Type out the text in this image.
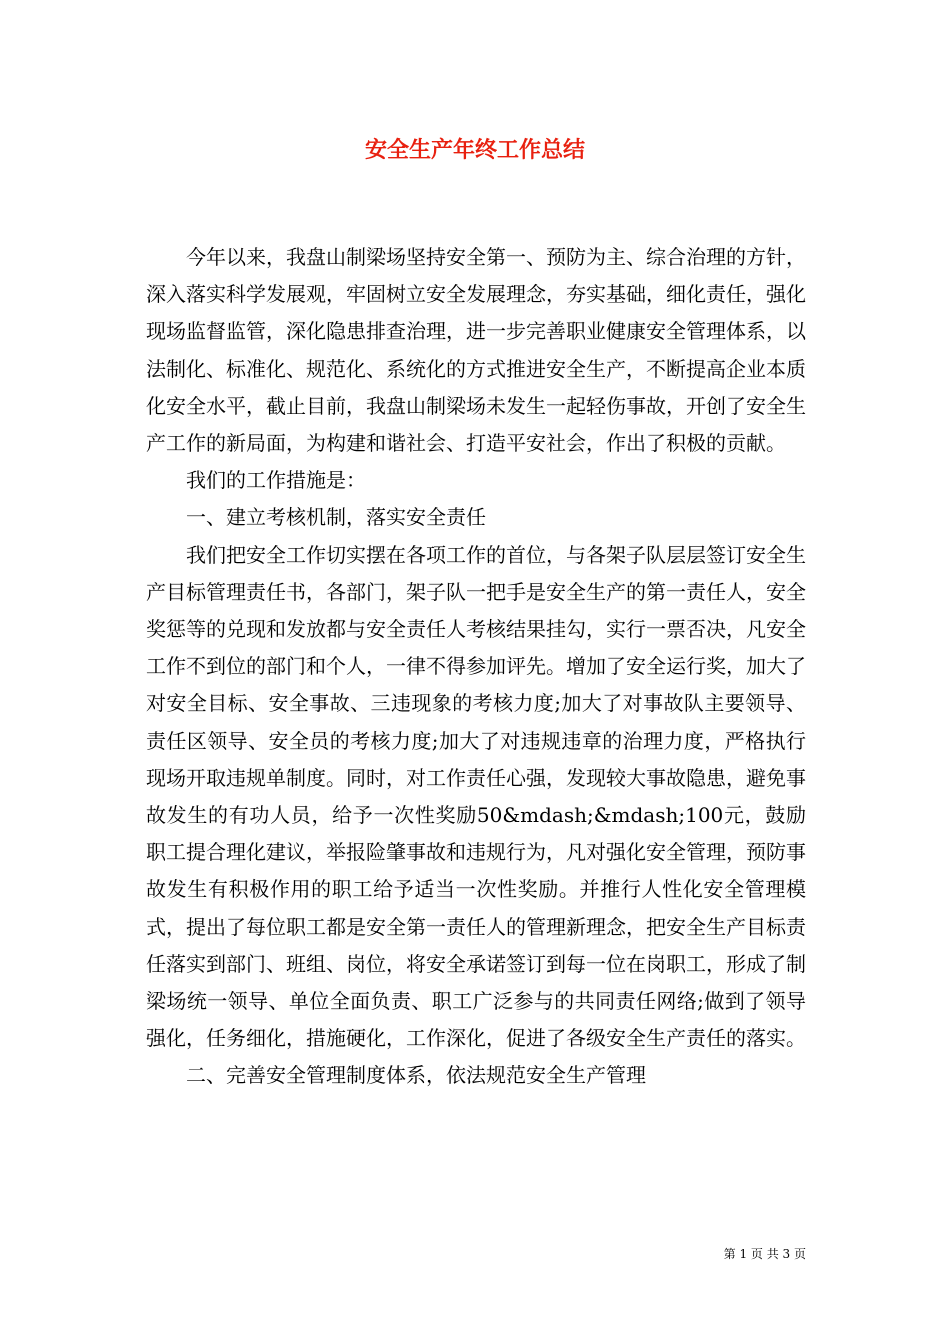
安全生产年终工作总结

今年以来，我盘山制梁场坚持安全第一、预防为主、综合治理的方针，深入落实科学发展观，牢固树立安全发展理念，夯实基础，细化责任，强化现场监督监管，深化隐患排查治理，进一步完善职业健康安全管理体系，以法制化、标准化、规范化、系统化的方式推进安全生产，不断提高企业本质化安全水平，截止目前，我盘山制梁场未发生一起轻伤事故，开创了安全生产工作的新局面，为构建和谐社会、打造平安社会，作出了积极的贡献。

我们的工作措施是：

一、建立考核机制，落实安全责任

我们把安全工作切实摆在各项工作的首位，与各架子队层层签订安全生产目标管理责任书，各部门，架子队一把手是安全生产的第一责任人，安全奖惩等的兑现和发放都与安全责任人考核结果挂勾，实行一票否决，凡安全工作不到位的部门和个人，一律不得参加评先。增加了安全运行奖，加大了对安全目标、安全事故、三违现象的考核力度;加大了对事故队主要领导、责任区领导、安全员的考核力度;加大了对违规违章的治理力度，严格执行现场开取违规单制度。同时，对工作责任心强，发现较大事故隐患，避免事故发生的有功人员，给予一次性奖励50&mdash;&mdash;100元，鼓励职工提合理化建议，举报险肇事故和违规行为，凡对强化安全管理，预防事故发生有积极作用的职工给予适当一次性奖励。并推行人性化安全管理模式，提出了每位职工都是安全第一责任人的管理新理念，把安全生产目标责任落实到部门、班组、岗位，将安全承诺签订到每一位在岗职工，形成了制梁场统一领导、单位全面负责、职工广泛参与的共同责任网络;做到了领导强化，任务细化，措施硬化，工作深化，促进了各级安全生产责任的落实。

二、完善安全管理制度体系，依法规范安全生产管理

第 1 页 共 3 页
